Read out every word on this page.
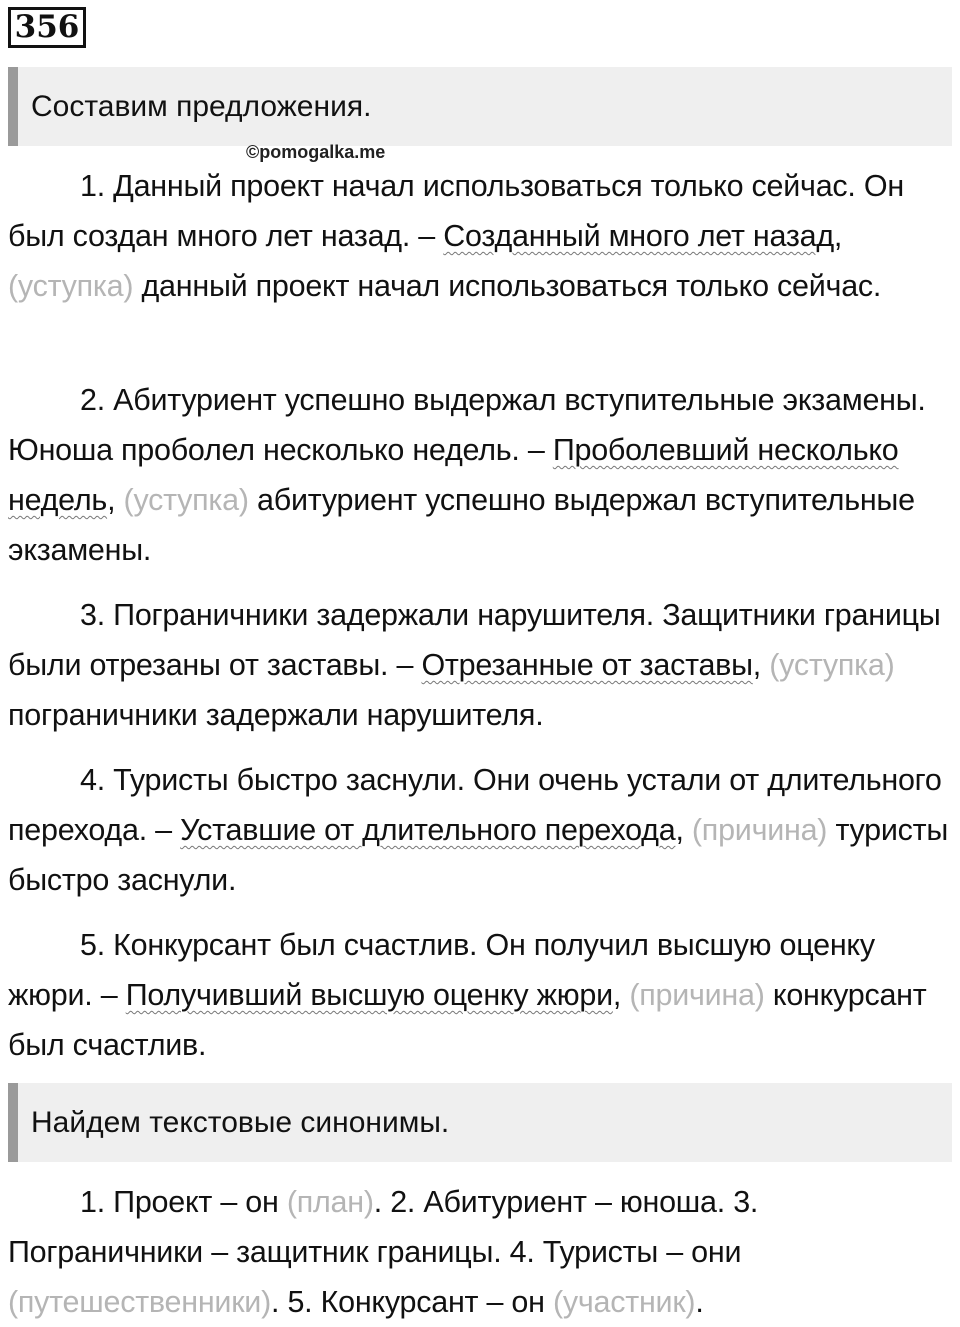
356
Составим предложения.
©pomogalka.me

1. Данный проект начал использоваться только сейчас. Он был создан много лет назад. – Созданный много лет назад, (уступка) данный проект начал использоваться только сейчас.

2. Абитуриент успешно выдержал вступительные экзамены. Юноша проболел несколько недель. – Проболевший несколько недель, (уступка) абитуриент успешно выдержал вступительные экзамены.

3. Пограничники задержали нарушителя. Защитники границы были отрезаны от заставы. – Отрезанные от заставы, (уступка) пограничники задержали нарушителя.

4. Туристы быстро заснули. Они очень устали от длительного перехода. – Уставшие от длительного перехода, (причина) туристы быстро заснули.

5. Конкурсант был счастлив. Он получил высшую оценку жюри. – Получивший высшую оценку жюри, (причина) конкурсант был счастлив.

Найдем текстовые синонимы.

1. Проект – он (план). 2. Абитуриент – юноша. 3. Пограничники – защитник границы. 4. Туристы – они (путешественники). 5. Конкурсант – он (участник).
